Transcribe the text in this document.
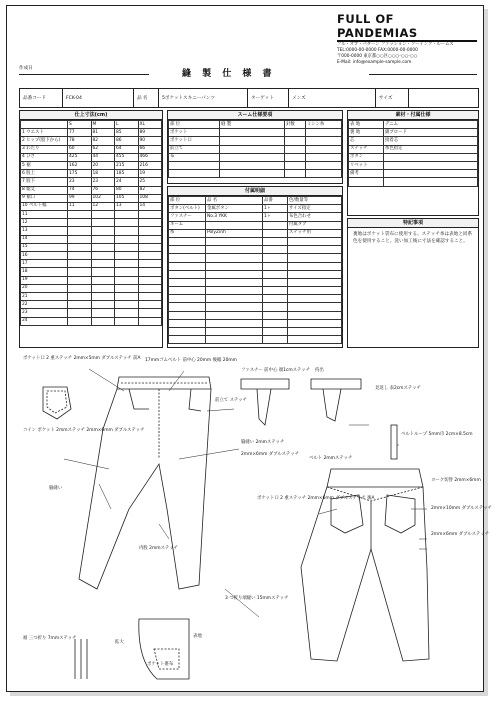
FULL OF PANDEMIAS
フル・オブ・パターン ファッション・ソーイング・ルームズ
TEL:0000-00-0000 FAX:0000-00-0000
〒000-0000 東京都○○区○○○-○○-○○
E-Mail: info@example-sample.com
作成日
縫 製 仕 様 書
品番コード	FCK-04	品 名	5ポケットスキニーパンツ	ターゲット	メンズ	サイズ
仕上寸法(cm)
	S	M	L	XL
1 ウエスト	77	81	85	89
2 ヒップ(股下から)	78	82	86	90
3 わたり	60	62	64	66
4 ひざ	425	44	455	466
5 裾	162	20	215	216
6 股上	175	18	185	19
7 股下	23	23	24	25
8 総丈	74	76	80	82
9 裾口	99	102	105	108
10 ベルト幅	11	12	13	14
11				
12				
13				
14				
15				
16				
17				
18				
19				
20				
21				
22				
23				
24				
スーム仕様要項
部 位	縫 製	針数	ミシン糸
ポケット			
ポケット口			
前立て			
布			

付属明細
部 位	品 名	品番	色/数量等
ボタン(ベルト)	金属ボタン	1ヶ	サイズ指定
ファスナー	No.3 YKK	1ヶ	布色合わせ
ネーム			付属タグ
糸	PolyZinh		ステッチ用

素材・付属仕様
表 地	デニム
裏 地	綿ブロード
芯	接着芯
ステッチ	糸色指定
ボタン	
リベット	
備考	

特記事項
裏地はポケット袋布に使用する。ステッチ糸は表地と同系色を使用すること。洗い加工後に寸法を確認すること。
ポケット口 2 重ステッチ 2mm×5mm ダブルステッチ 前A 17mmゴムベルト 前中心 20mm 後幅 20mm
前立て ステッチ
ファスナー 前中心 端1cmステッチ 持出
見返し 表2cmステッチ
脇縫い 2mmステッチ
2mm×6mm ダブルステッチ
コイン ポケット 2mmステッチ 2mm×6mm ダブルステッチ
脇縫い
内股 2mmステッチ
ポケット口 2 重ステッチ 2mm×6mm ダブルステッチ 後A
ヨーク切替 2mm×6mm
ベルト 2mmステッチ
ベルトループ 5mm巾 2cm×8.5cm
2mm×10mm ダブルステッチ
2mm×6mm ダブルステッチ
3 つ折り端縫い 15mmステッチ
裾 三つ折り 7mmステッチ
拡大
表地
ポケット裏布
